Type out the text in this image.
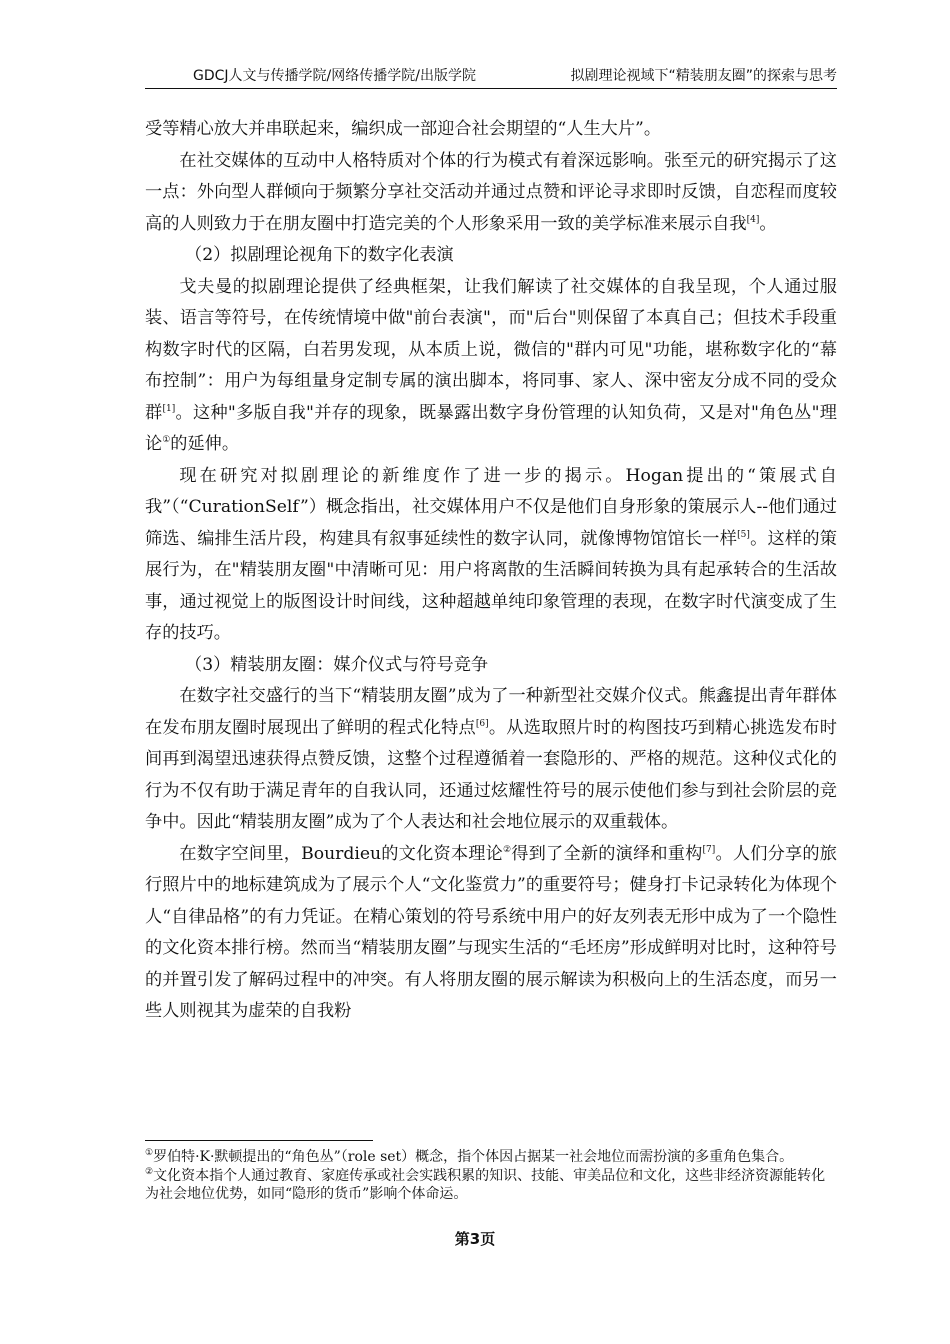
GDCJ人文与传播学院/网络传播学院/出版学院	拟剧理论视域下“精装朋友圈”的探索与思考

受等精心放大并串联起来，编织成一部迎合社会期望的“人生大片”。

在社交媒体的互动中人格特质对个体的行为模式有着深远影响。张至元的研究揭示了这一点：外向型人群倾向于频繁分享社交活动并通过点赞和评论寻求即时反馈，自恋程而度较高的人则致力于在朋友圈中打造完美的个人形象采用一致的美学标准来展示自我[4]。

（2）拟剧理论视角下的数字化表演

戈夫曼的拟剧理论提供了经典框架，让我们解读了社交媒体的自我呈现，个人通过服装、语言等符号，在传统情境中做"前台表演"，而"后台"则保留了本真自己；但技术手段重构数字时代的区隔，白若男发现，从本质上说，微信的"群内可见"功能，堪称数字化的“幕布控制”：用户为每组量身定制专属的演出脚本，将同事、家人、深中密友分成不同的受众群[1]。这种"多版自我"并存的现象，既暴露出数字身份管理的认知负荷，又是对"角色丛"理论①的延伸。

现在研究对拟剧理论的新维度作了进一步的揭示。Hogan提出的“策展式自我”（“CurationSelf”）概念指出，社交媒体用户不仅是他们自身形象的策展示人--他们通过筛选、编排生活片段，构建具有叙事延续性的数字认同，就像博物馆馆长一样[5]。这样的策展行为，在"精装朋友圈"中清晰可见：用户将离散的生活瞬间转换为具有起承转合的生活故事，通过视觉上的版图设计时间线，这种超越单纯印象管理的表现，在数字时代演变成了生存的技巧。

（3）精装朋友圈：媒介仪式与符号竞争

在数字社交盛行的当下“精装朋友圈”成为了一种新型社交媒介仪式。熊鑫提出青年群体在发布朋友圈时展现出了鲜明的程式化特点[6]。从选取照片时的构图技巧到精心挑选发布时间再到渴望迅速获得点赞反馈，这整个过程遵循着一套隐形的、严格的规范。这种仪式化的行为不仅有助于满足青年的自我认同，还通过炫耀性符号的展示使他们参与到社会阶层的竞争中。因此“精装朋友圈”成为了个人表达和社会地位展示的双重载体。

在数字空间里，Bourdieu的文化资本理论②得到了全新的演绎和重构[7]。人们分享的旅行照片中的地标建筑成为了展示个人“文化鉴赏力”的重要符号；健身打卡记录转化为体现个人“自律品格”的有力凭证。在精心策划的符号系统中用户的好友列表无形中成为了一个隐性的文化资本排行榜。然而当“精装朋友圈”与现实生活的“毛坯房”形成鲜明对比时，这种符号的并置引发了解码过程中的冲突。有人将朋友圈的展示解读为积极向上的生活态度，而另一些人则视其为虚荣的自我粉

①罗伯特·K·默顿提出的“角色丛”（role set）概念，指个体因占据某一社会地位而需扮演的多重角色集合。

②文化资本指个人通过教育、家庭传承或社会实践积累的知识、技能、审美品位和文化，这些非经济资源能转化为社会地位优势，如同“隐形的货币”影响个体命运。

第3页
